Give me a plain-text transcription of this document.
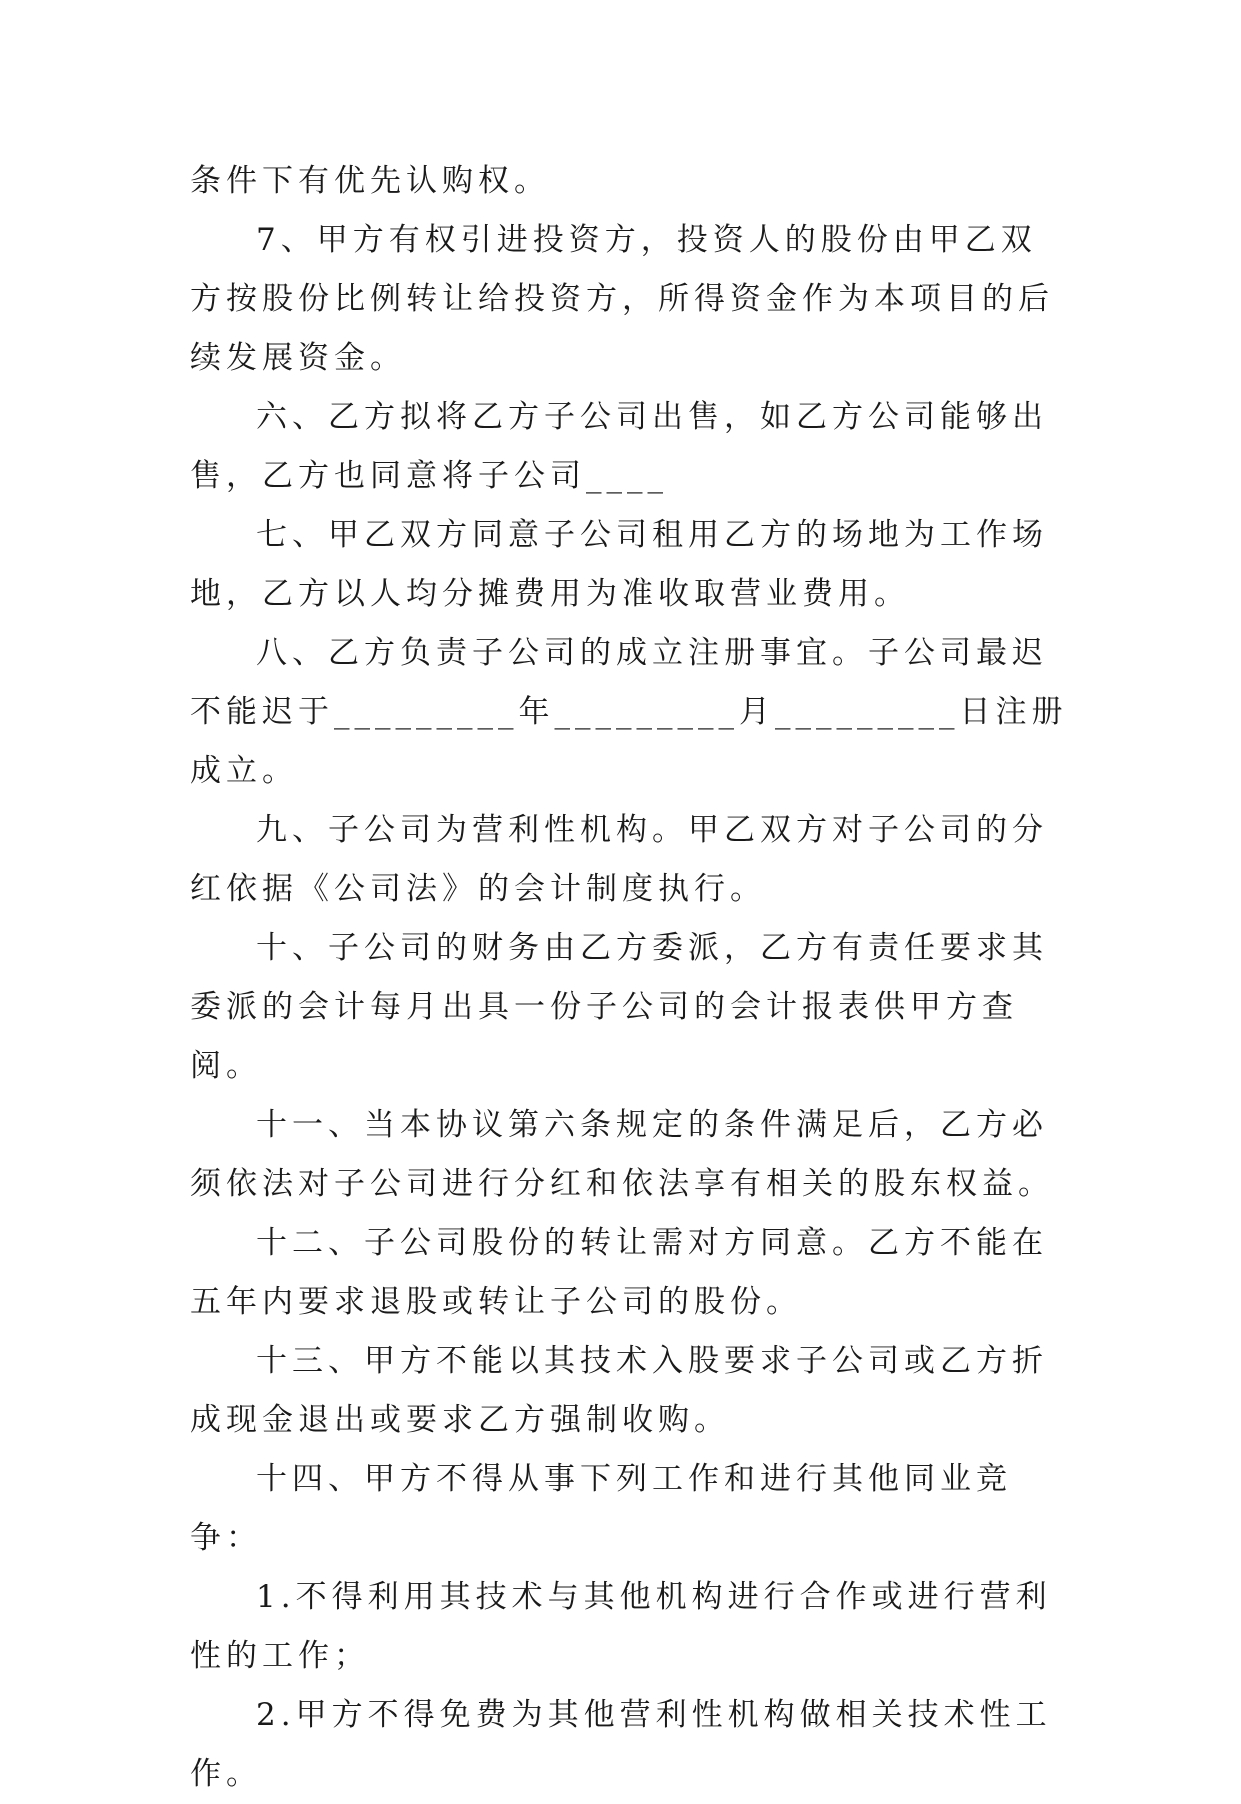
条件下有优先认购权。

7、甲方有权引进投资方，投资人的股份由甲乙双方按股份比例转让给投资方，所得资金作为本项目的后续发展资金。

六、乙方拟将乙方子公司出售，如乙方公司能够出售，乙方也同意将子公司____

七、甲乙双方同意子公司租用乙方的场地为工作场地，乙方以人均分摊费用为准收取营业费用。

八、乙方负责子公司的成立注册事宜。子公司最迟不能迟于_________年_________月_________日注册成立。

九、子公司为营利性机构。甲乙双方对子公司的分红依据《公司法》的会计制度执行。

十、子公司的财务由乙方委派，乙方有责任要求其委派的会计每月出具一份子公司的会计报表供甲方查阅。

十一、当本协议第六条规定的条件满足后，乙方必须依法对子公司进行分红和依法享有相关的股东权益。

十二、子公司股份的转让需对方同意。乙方不能在五年内要求退股或转让子公司的股份。

十三、甲方不能以其技术入股要求子公司或乙方折成现金退出或要求乙方强制收购。

十四、甲方不得从事下列工作和进行其他同业竞争：

1.不得利用其技术与其他机构进行合作或进行营利性的工作；

2.甲方不得免费为其他营利性机构做相关技术性工作。
